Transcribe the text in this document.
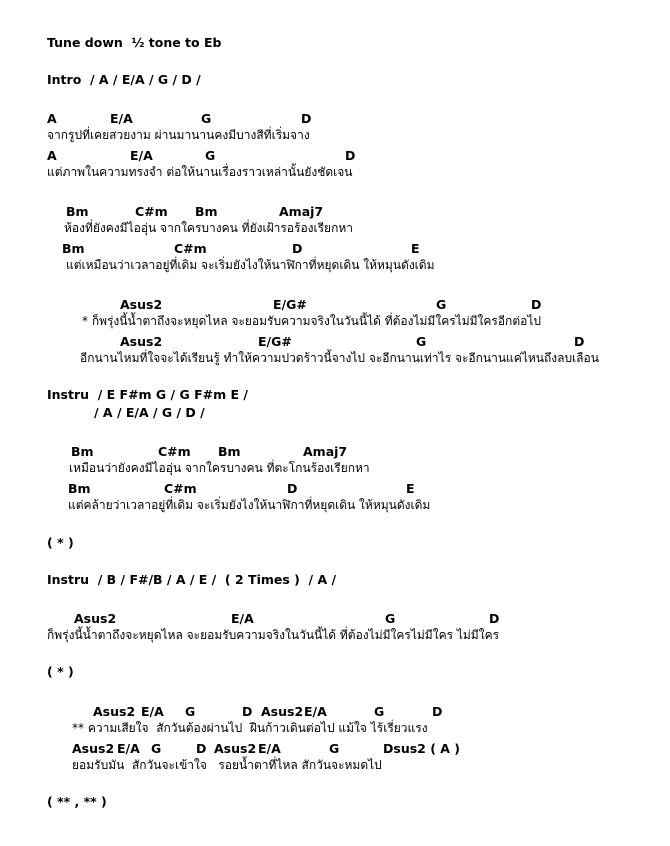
Tune down  ½ tone to Eb
Intro  / A / E/A / G / D /
A	E/A	G	D
จากรูปที่เคยสวยงาม ผ่านมานานคงมีบางสีที่เริ่มจาง
A	E/A	G	D
แต่ภาพในความทรงจำ ต่อให้นานเรื่องราวเหล่านั้นยังชัดเจน
Bm	C#m Bm	Amaj7
ห้องที่ยังคงมีไออุ่น จากใครบางคน ที่ยังเฝ้ารอร้องเรียกหา
Bm	C#m	D	E
แต่เหมือนว่าเวลาอยู่ที่เดิม จะเริ่มยังไงให้นาฬิกาที่หยุดเดิน ให้หมุนดังเดิม
Asus2	E/G#	G	D
* ก็พรุ่งนี้น้ำตาถึงจะหยุดไหล จะยอมรับความจริงในวันนี้ได้ ที่ต้องไม่มีใครไม่มีใครอีกต่อไป
Asus2	E/G#	G	D
อีกนานไหมที่ใจจะได้เรียนรู้ ทำให้ความปวดร้าวนี้จางไป จะอีกนานเท่าไร จะอีกนานแค่ไหนถึงลบเลือน
Instru  / E F#m G / G F#m E /
/ A / E/A / G / D /
Bm	C#m Bm	Amaj7
เหมือนว่ายังคงมีไออุ่น จากใครบางคน ที่ตะโกนร้องเรียกหา
Bm	C#m	D	E
แต่คล้ายว่าเวลาอยู่ที่เดิม จะเริ่มยังไงให้นาฬิกาที่หยุดเดิน ให้หมุนดังเดิม
( * )
Instru  / B / F#/B / A / E /  ( 2 Times )  / A /
Asus2	E/A	G	D
ก็พรุ่งนี้น้ำตาถึงจะหยุดไหล จะยอมรับความจริงในวันนี้ได้ ที่ต้องไม่มีใครไม่มีใคร ไม่มีใคร
( * )
Asus2 E/A G	D Asus2 E/A	G	D
** ความเสียใจ  สักวันต้องผ่านไป  ฝืนก้าวเดินต่อไป แม้ใจ ไร้เรี่ยวแรง
Asus2 E/A G	D Asus2 E/A	G	Dsus2 ( A )
ยอมรับมัน  สักวันจะเข้าใจ   รอยน้ำตาที่ไหล สักวันจะหมดไป
( ** , ** )
